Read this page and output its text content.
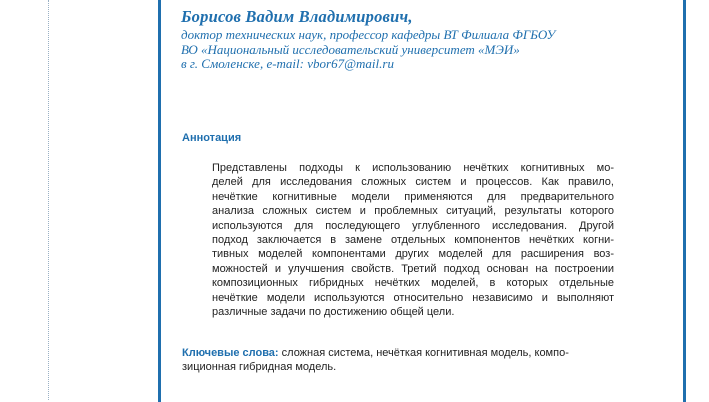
Борисов Вадим Владимирович,

доктор технических наук, профессор кафедры ВТ Филиала ФГБОУ

ВО «Национальный исследовательский университет «МЭИ»

в г. Смоленске, e-mail: vbor67@mail.ru

Аннотация

Представлены подходы к использованию нечётких когнитивных мо-
делей для исследования сложных систем и процессов. Как правило,
нечёткие когнитивные модели применяются для предварительного
анализа сложных систем и проблемных ситуаций, результаты которого
используются для последующего углубленного исследования. Другой
подход заключается в замене отдельных компонентов нечётких когни-
тивных моделей компонентами других моделей для расширения воз-
можностей и улучшения свойств. Третий подход основан на построении
композиционных гибридных нечётких моделей, в которых отдельные
нечёткие модели используются относительно независимо и выполняют
различные задачи по достижению общей цели.

Ключевые слова: сложная система, нечёткая когнитивная модель, компо-
зиционная гибридная модель.
